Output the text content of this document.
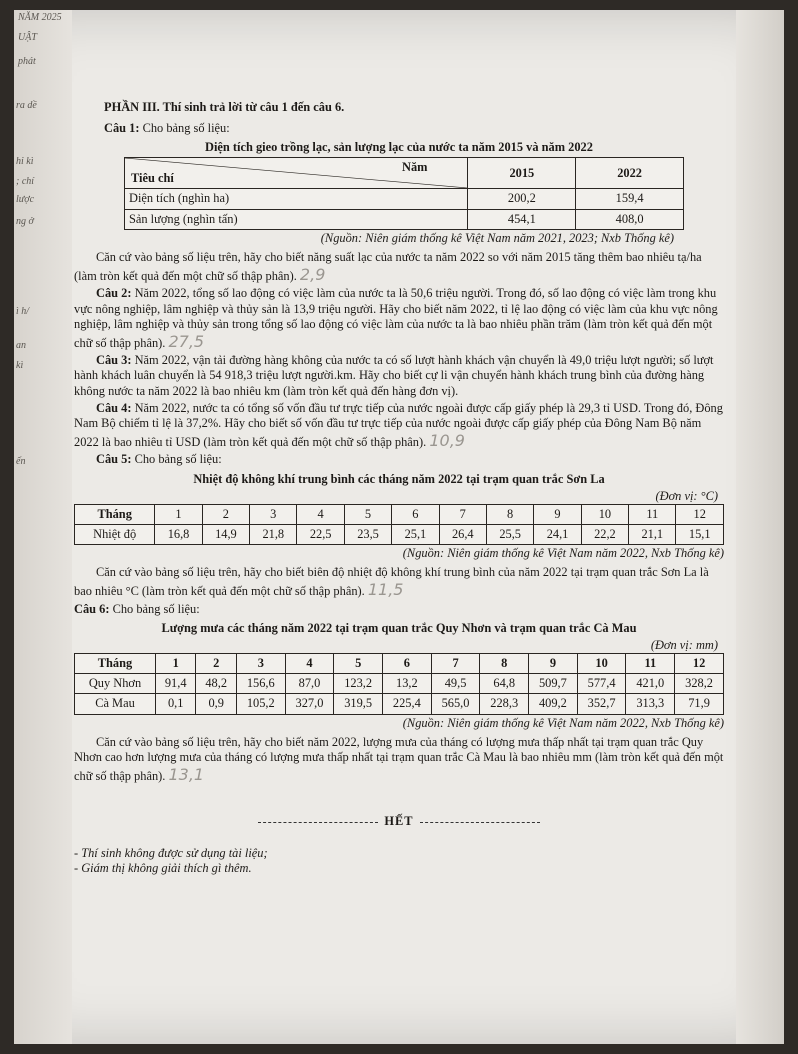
NĂM 2025
UẬT
phát
ra dề
hi kì
; chí
lược
ng ở
ì h/
an
kì
ến
PHẦN III. Thí sinh trả lời từ câu 1 đến câu 6.

Câu 1: Cho bảng số liệu:

Diện tích gieo trồng lạc, sản lượng lạc của nước ta năm 2015 và năm 2022
Năm
Tiêu chí	2015	2022
Diện tích (nghìn ha)	200,2	159,4
Sản lượng (nghìn tấn)	454,1	408,0
(Nguồn: Niên giám thống kê Việt Nam năm 2021, 2023; Nxb Thống kê)

Căn cứ vào bảng số liệu trên, hãy cho biết năng suất lạc của nước ta năm 2022 so với năm 2015 tăng thêm bao nhiêu tạ/ha (làm tròn kết quả đến một chữ số thập phân). 2,9

Câu 2: Năm 2022, tổng số lao động có việc làm của nước ta là 50,6 triệu người. Trong đó, số lao động có việc làm trong khu vực nông nghiệp, lâm nghiệp và thủy sản là 13,9 triệu người. Hãy cho biết năm 2022, tỉ lệ lao động có việc làm của khu vực nông nghiệp, lâm nghiệp và thủy sản trong tổng số lao động có việc làm của nước ta là bao nhiêu phần trăm (làm tròn kết quả đến một chữ số thập phân). 27,5

Câu 3: Năm 2022, vận tải đường hàng không của nước ta có số lượt hành khách vận chuyển là 49,0 triệu lượt người; số lượt hành khách luân chuyển là 54 918,3 triệu lượt người.km. Hãy cho biết cự li vận chuyển hành khách trung bình của đường hàng không nước ta năm 2022 là bao nhiêu km (làm tròn kết quả đến hàng đơn vị).

Câu 4: Năm 2022, nước ta có tổng số vốn đầu tư trực tiếp của nước ngoài được cấp giấy phép là 29,3 tỉ USD. Trong đó, Đông Nam Bộ chiếm tỉ lệ là 37,2%. Hãy cho biết số vốn đầu tư trực tiếp của nước ngoài được cấp giấy phép của Đông Nam Bộ năm 2022 là bao nhiêu tỉ USD (làm tròn kết quả đến một chữ số thập phân). 10,9

Câu 5: Cho bảng số liệu:

Nhiệt độ không khí trung bình các tháng năm 2022 tại trạm quan trắc Sơn La
(Đơn vị: °C)
Tháng	1	2	3	4	5	6	7	8	9	10	11	12
Nhiệt độ	16,8	14,9	21,8	22,5	23,5	25,1	26,4	25,5	24,1	22,2	21,1	15,1
(Nguồn: Niên giám thống kê Việt Nam năm 2022, Nxb Thống kê)

Căn cứ vào bảng số liệu trên, hãy cho biết biên độ nhiệt độ không khí trung bình của năm 2022 tại trạm quan trắc Sơn La là bao nhiêu °C (làm tròn kết quả đến một chữ số thập phân). 11,5

Câu 6: Cho bảng số liệu:

Lượng mưa các tháng năm 2022 tại trạm quan trắc Quy Nhơn và trạm quan trắc Cà Mau
(Đơn vị: mm)
Tháng	1	2	3	4	5	6	7	8	9	10	11	12
Quy Nhơn	91,4	48,2	156,6	87,0	123,2	13,2	49,5	64,8	509,7	577,4	421,0	328,2
Cà Mau	0,1	0,9	105,2	327,0	319,5	225,4	565,0	228,3	409,2	352,7	313,3	71,9
(Nguồn: Niên giám thống kê Việt Nam năm 2022, Nxb Thống kê)

Căn cứ vào bảng số liệu trên, hãy cho biết năm 2022, lượng mưa của tháng có lượng mưa thấp nhất tại trạm quan trắc Quy Nhơn cao hơn lượng mưa của tháng có lượng mưa thấp nhất tại trạm quan trắc Cà Mau là bao nhiêu mm (làm tròn kết quả đến một chữ số thập phân). 13,1

HẾT
- Thí sinh không được sử dụng tài liệu;
- Giám thị không giải thích gì thêm.
